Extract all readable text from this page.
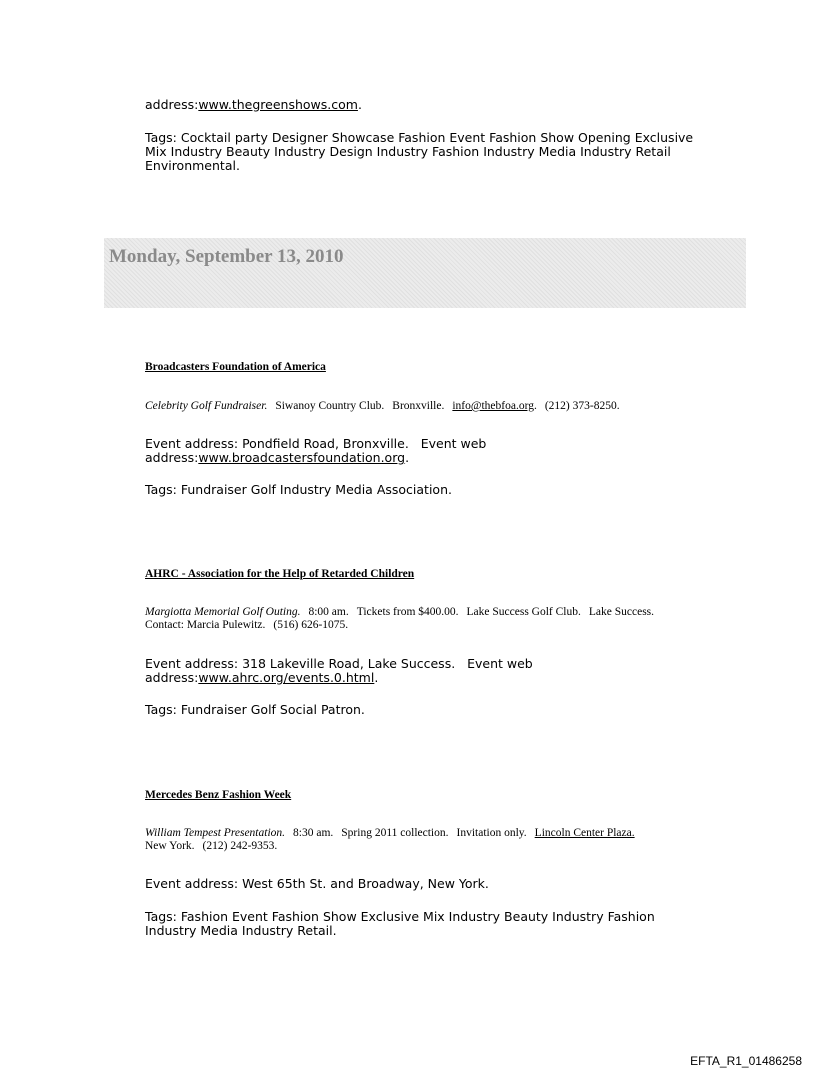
address:www.thegreenshows.com.
Tags: Cocktail party Designer Showcase Fashion Event Fashion Show Opening Exclusive Mix Industry Beauty Industry Design Industry Fashion Industry Media Industry Retail Environmental.
Monday, September 13, 2010
Broadcasters Foundation of America
Celebrity Golf Fundraiser. Siwanoy Country Club. Bronxville. info@thebfoa.org. (212) 373-8250.
Event address: Pondfield Road, Bronxville.   Event web
address:www.broadcastersfoundation.org.
Tags: Fundraiser Golf Industry Media Association.
AHRC - Association for the Help of Retarded Children
Margiotta Memorial Golf Outing. 8:00 am. Tickets from $400.00. Lake Success Golf Club. Lake Success.
Contact: Marcia Pulewitz. (516) 626-1075.
Event address: 318 Lakeville Road, Lake Success.   Event web
address:www.ahrc.org/events.0.html.
Tags: Fundraiser Golf Social Patron.
Mercedes Benz Fashion Week
William Tempest Presentation. 8:30 am. Spring 2011 collection. Invitation only. Lincoln Center Plaza.
New York. (212) 242-9353.
Event address: West 65th St. and Broadway, New York.
Tags: Fashion Event Fashion Show Exclusive Mix Industry Beauty Industry Fashion Industry Media Industry Retail.
EFTA_R1_01486258
